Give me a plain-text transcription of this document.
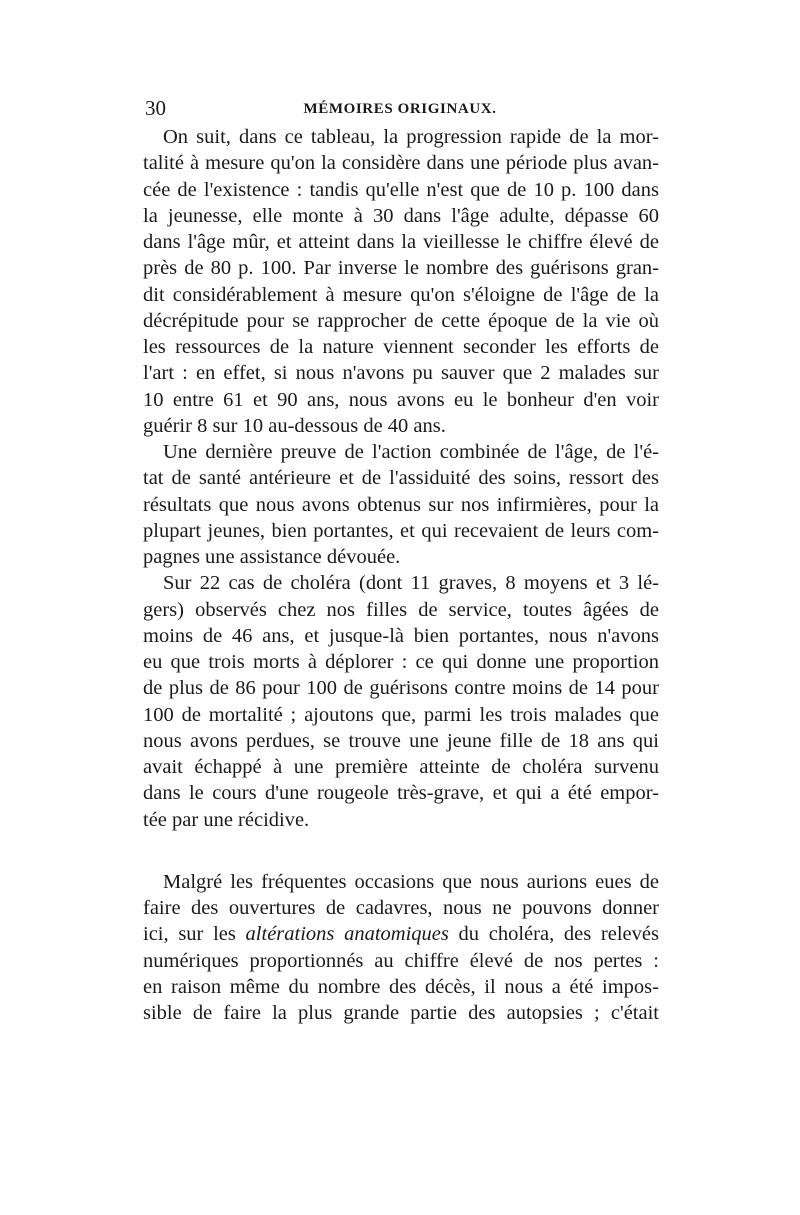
30	MÉMOIRES ORIGINAUX.
On suit, dans ce tableau, la progression rapide de la mor-
talité à mesure qu'on la considère dans une période plus avan-
cée de l'existence : tandis qu'elle n'est que de 10 p. 100 dans
la jeunesse, elle monte à 30 dans l'âge adulte, dépasse 60
dans l'âge mûr, et atteint dans la vieillesse le chiffre élevé de
près de 80 p. 100. Par inverse le nombre des guérisons gran-
dit considérablement à mesure qu'on s'éloigne de l'âge de la
décrépitude pour se rapprocher de cette époque de la vie où
les ressources de la nature viennent seconder les efforts de
l'art : en effet, si nous n'avons pu sauver que 2 malades sur
10 entre 61 et 90 ans, nous avons eu le bonheur d'en voir
guérir 8 sur 10 au-dessous de 40 ans.
Une dernière preuve de l'action combinée de l'âge, de l'é-
tat de santé antérieure et de l'assiduité des soins, ressort des
résultats que nous avons obtenus sur nos infirmières, pour la
plupart jeunes, bien portantes, et qui recevaient de leurs com-
pagnes une assistance dévouée.
Sur 22 cas de choléra (dont 11 graves, 8 moyens et 3 lé-
gers) observés chez nos filles de service, toutes âgées de
moins de 46 ans, et jusque-là bien portantes, nous n'avons
eu que trois morts à déplorer : ce qui donne une proportion
de plus de 86 pour 100 de guérisons contre moins de 14 pour
100 de mortalité ; ajoutons que, parmi les trois malades que
nous avons perdues, se trouve une jeune fille de 18 ans qui
avait échappé à une première atteinte de choléra survenu
dans le cours d'une rougeole très-grave, et qui a été empor-
tée par une récidive.
Malgré les fréquentes occasions que nous aurions eues de
faire des ouvertures de cadavres, nous ne pouvons donner
ici, sur les altérations anatomiques du choléra, des relevés
numériques proportionnés au chiffre élevé de nos pertes :
en raison même du nombre des décès, il nous a été impos-
sible de faire la plus grande partie des autopsies ; c'était
